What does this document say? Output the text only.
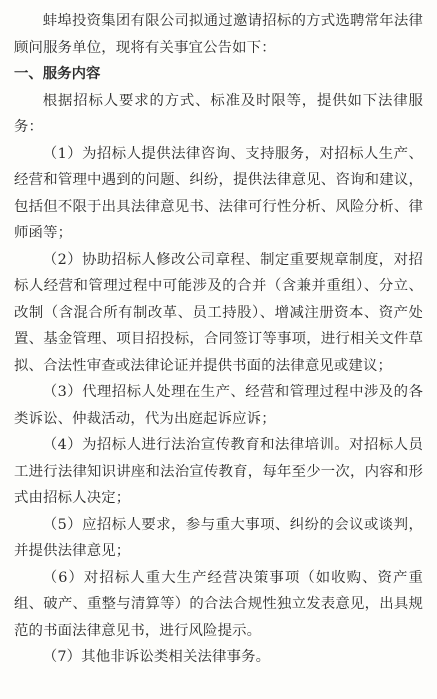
蚌埠投资集团有限公司拟通过邀请招标的方式选聘常年法律顾问服务单位，现将有关事宜公告如下：

一、服务内容

根据招标人要求的方式、标准及时限等，提供如下法律服务：

（1）为招标人提供法律咨询、支持服务，对招标人生产、经营和管理中遇到的问题、纠纷，提供法律意见、咨询和建议，包括但不限于出具法律意见书、法律可行性分析、风险分析、律师函等；

（2）协助招标人修改公司章程、制定重要规章制度，对招标人经营和管理过程中可能涉及的合并（含兼并重组）、分立、改制（含混合所有制改革、员工持股）、增减注册资本、资产处置、基金管理、项目招投标，合同签订等事项，进行相关文件草拟、合法性审查或法律论证并提供书面的法律意见或建议；

（3）代理招标人处理在生产、经营和管理过程中涉及的各类诉讼、仲裁活动，代为出庭起诉应诉；

（4）为招标人进行法治宣传教育和法律培训。对招标人员工进行法律知识讲座和法治宣传教育，每年至少一次，内容和形式由招标人决定；

（5）应招标人要求，参与重大事项、纠纷的会议或谈判，并提供法律意见；

（6）对招标人重大生产经营决策事项（如收购、资产重组、破产、重整与清算等）的合法合规性独立发表意见，出具规范的书面法律意见书，进行风险提示。

（7）其他非诉讼类相关法律事务。
